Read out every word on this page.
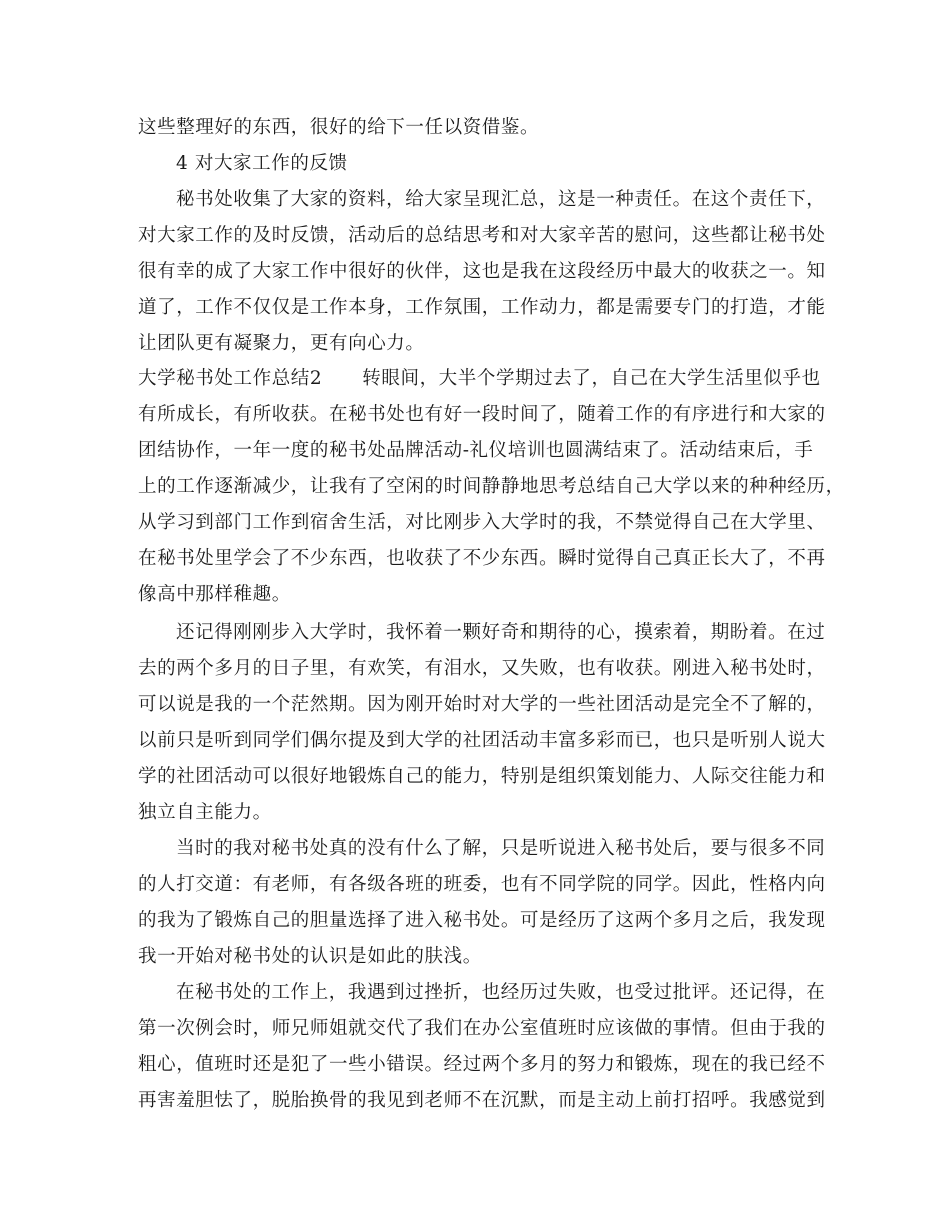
这些整理好的东西，很好的给下一任以资借鉴。
4 对大家工作的反馈
秘书处收集了大家的资料，给大家呈现汇总，这是一种责任。在这个责任下，
对大家工作的及时反馈，活动后的总结思考和对大家辛苦的慰问，这些都让秘书处
很有幸的成了大家工作中很好的伙伴，这也是我在这段经历中最大的收获之一。知
道了，工作不仅仅是工作本身，工作氛围，工作动力，都是需要专门的打造，才能
让团队更有凝聚力，更有向心力。
大学秘书处工作总结2 转眼间，大半个学期过去了，自己在大学生活里似乎也
有所成长，有所收获。在秘书处也有好一段时间了，随着工作的有序进行和大家的
团结协作，一年一度的秘书处品牌活动-礼仪培训也圆满结束了。活动结束后，手
上的工作逐渐减少，让我有了空闲的时间静静地思考总结自己大学以来的种种经历，
从学习到部门工作到宿舍生活，对比刚步入大学时的我，不禁觉得自己在大学里、
在秘书处里学会了不少东西，也收获了不少东西。瞬时觉得自己真正长大了，不再
像高中那样稚趣。
还记得刚刚步入大学时，我怀着一颗好奇和期待的心，摸索着，期盼着。在过
去的两个多月的日子里，有欢笑，有泪水，又失败，也有收获。刚进入秘书处时，
可以说是我的一个茫然期。因为刚开始时对大学的一些社团活动是完全不了解的，
以前只是听到同学们偶尔提及到大学的社团活动丰富多彩而已，也只是听别人说大
学的社团活动可以很好地锻炼自己的能力，特别是组织策划能力、人际交往能力和
独立自主能力。
当时的我对秘书处真的没有什么了解，只是听说进入秘书处后，要与很多不同
的人打交道：有老师，有各级各班的班委，也有不同学院的同学。因此，性格内向
的我为了锻炼自己的胆量选择了进入秘书处。可是经历了这两个多月之后，我发现
我一开始对秘书处的认识是如此的肤浅。
在秘书处的工作上，我遇到过挫折，也经历过失败，也受过批评。还记得，在
第一次例会时，师兄师姐就交代了我们在办公室值班时应该做的事情。但由于我的
粗心，值班时还是犯了一些小错误。经过两个多月的努力和锻炼，现在的我已经不
再害羞胆怯了，脱胎换骨的我见到老师不在沉默，而是主动上前打招呼。我感觉到
